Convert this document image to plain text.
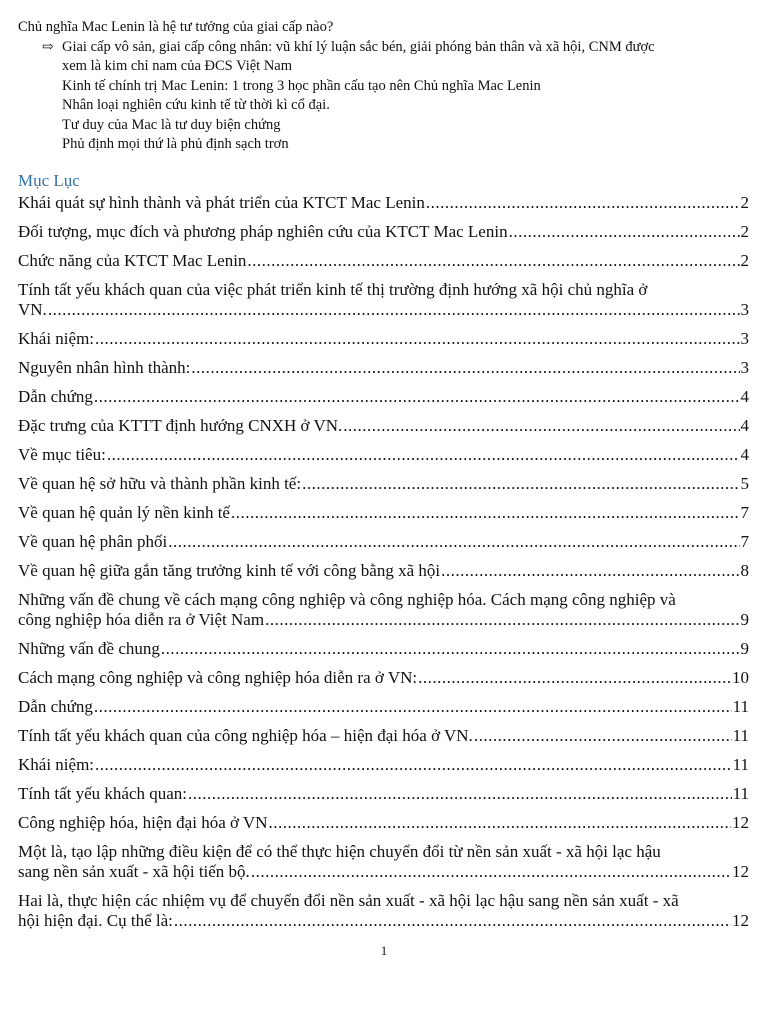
Chủ nghĩa Mac Lenin là hệ tư tưởng của giai cấp nào?

⇨ Giai cấp vô sản, giai cấp công nhân: vũ khí lý luận sắc bén, giải phóng bản thân và xã hội, CNM được
xem là kim chỉ nam của ĐCS Việt Nam
Kinh tế chính trị Mac Lenin: 1 trong 3 học phần cấu tạo nên Chủ nghĩa Mac Lenin
Nhân loại nghiên cứu kinh tế từ thời kì cổ đại.
Tư duy của Mac là tư duy biện chứng
Phủ định mọi thứ là phủ định sạch trơn
Mục Lục
Khái quát sự hình thành và phát triển của KTCT Mac Lenin .....	2
Đối tượng, mục đích và phương pháp nghiên cứu của KTCT Mac Lenin .....	2
Chức năng của KTCT Mac Lenin .....	2
Tính tất yếu khách quan của việc phát triển kinh tế thị trường định hướng xã hội chủ nghĩa ở
VN. .....	3
Khái niệm: .....	3
Nguyên nhân hình thành: .....	3
Dẫn chứng .....	4
Đặc trưng của KTTT định hướng CNXH ở VN. .....	4
Về mục tiêu: .....	4
Về quan hệ sở hữu và thành phần kinh tế: .....	5
Về quan hệ quản lý nền kinh tế .....	7
Về quan hệ phân phối .....	7
Về quan hệ giữa gắn tăng trưởng kinh tế với công bằng xã hội .....	8
Những vấn đề chung về cách mạng công nghiệp và công nghiệp hóa. Cách mạng công nghiệp và
công nghiệp hóa diễn ra ở Việt Nam .....	9
Những vấn đề chung .....	9
Cách mạng công nghiệp và công nghiệp hóa diễn ra ở VN: .....	10
Dẫn chứng .....	11
Tính tất yếu khách quan của công nghiệp hóa – hiện đại hóa ở VN. .....	11
Khái niệm: .....	11
Tính tất yếu khách quan: .....	11
Công nghiệp hóa, hiện đại hóa ở VN .....	12
Một là, tạo lập những điều kiện để có thể thực hiện chuyển đổi từ nền sản xuất - xã hội lạc hậu
sang nền sản xuất - xã hội tiến bộ. .....	12
Hai là, thực hiện các nhiệm vụ để chuyển đổi nền sản xuất - xã hội lạc hậu sang nền sản xuất - xã
hội hiện đại. Cụ thể là: .....	12
1
